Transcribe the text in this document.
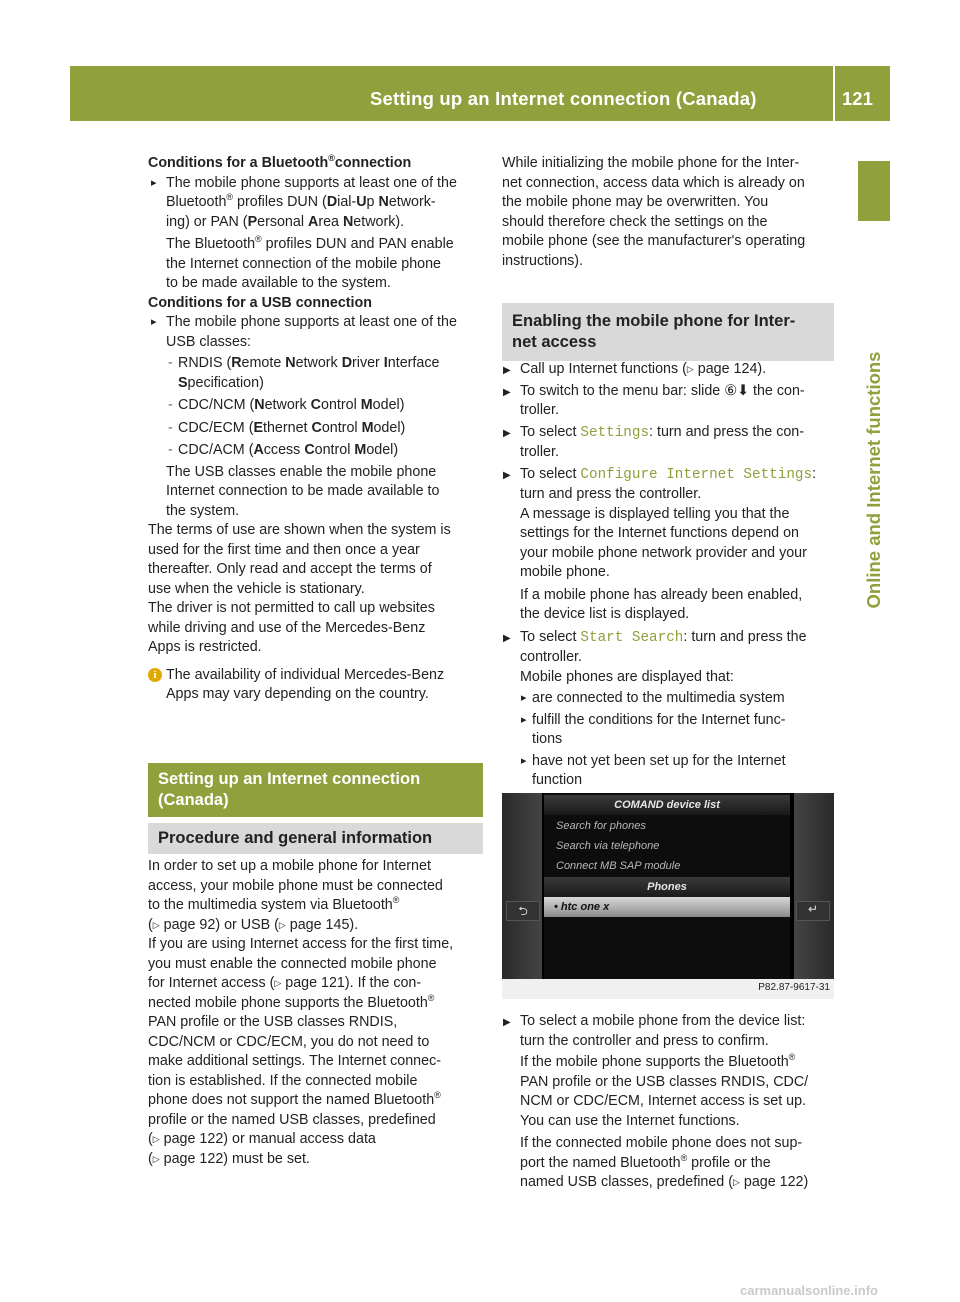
Setting up an Internet connection (Canada)	121
Online and Internet functions

Conditions for a Bluetooth®connection

▸ The mobile phone supports at least one of the
Bluetooth® profiles DUN (Dial-Up Network-
ing) or PAN (Personal Area Network).

The Bluetooth® profiles DUN and PAN enable
the Internet connection of the mobile phone
to be made available to the system.

Conditions for a USB connection

▸ The mobile phone supports at least one of the
USB classes:

- RNDIS (Remote Network Driver Interface
Specification)

- CDC/NCM (Network Control Model)

- CDC/ECM (Ethernet Control Model)

- CDC/ACM (Access Control Model)

The USB classes enable the mobile phone
Internet connection to be made available to
the system.

The terms of use are shown when the system is
used for the first time and then once a year
thereafter. Only read and accept the terms of
use when the vehicle is stationary.

The driver is not permitted to call up websites
while driving and use of the Mercedes-Benz
Apps is restricted.

i The availability of individual Mercedes-Benz
Apps may vary depending on the country.

Setting up an Internet connection
(Canada)
Procedure and general information

In order to set up a mobile phone for Internet
access, your mobile phone must be connected
to the multimedia system via Bluetooth®
(▷ page 92) or USB (▷ page 145).

If you are using Internet access for the first time,
you must enable the connected mobile phone
for Internet access (▷ page 121). If the con-
nected mobile phone supports the Bluetooth®
PAN profile or the USB classes RNDIS,
CDC/NCM or CDC/ECM, you do not need to
make additional settings. The Internet connec-
tion is established. If the connected mobile
phone does not support the named Bluetooth®
profile or the named USB classes, predefined
(▷ page 122) or manual access data
(▷ page 122) must be set.

While initializing the mobile phone for the Inter-
net connection, access data which is already on
the mobile phone may be overwritten. You
should therefore check the settings on the
mobile phone (see the manufacturer's operating
instructions).

Enabling the mobile phone for Inter-
net access

▶ Call up Internet functions (▷ page 124).

▶ To switch to the menu bar: slide ⑥⬇ the con-
troller.

▶ To select Settings: turn and press the con-
troller.

▶ To select Configure Internet Settings:
turn and press the controller.
A message is displayed telling you that the
settings for the Internet functions depend on
your mobile phone network provider and your
mobile phone.

If a mobile phone has already been enabled,
the device list is displayed.

▶ To select Start Search: turn and press the
controller.
Mobile phones are displayed that:

▸ are connected to the multimedia system

▸ fulfill the conditions for the Internet func-
tions

▸ have not yet been set up for the Internet
function

COMAND device list
Search for phones
Search via telephone
Connect MB SAP module
Phones
• htc one x
⮌	↵
P82.87-9617-31

▶ To select a mobile phone from the device list:
turn the controller and press to confirm.

If the mobile phone supports the Bluetooth®
PAN profile or the USB classes RNDIS, CDC/
NCM or CDC/ECM, Internet access is set up.
You can use the Internet functions.

If the connected mobile phone does not sup-
port the named Bluetooth® profile or the
named USB classes, predefined (▷ page 122)

carmanualsonline.info
